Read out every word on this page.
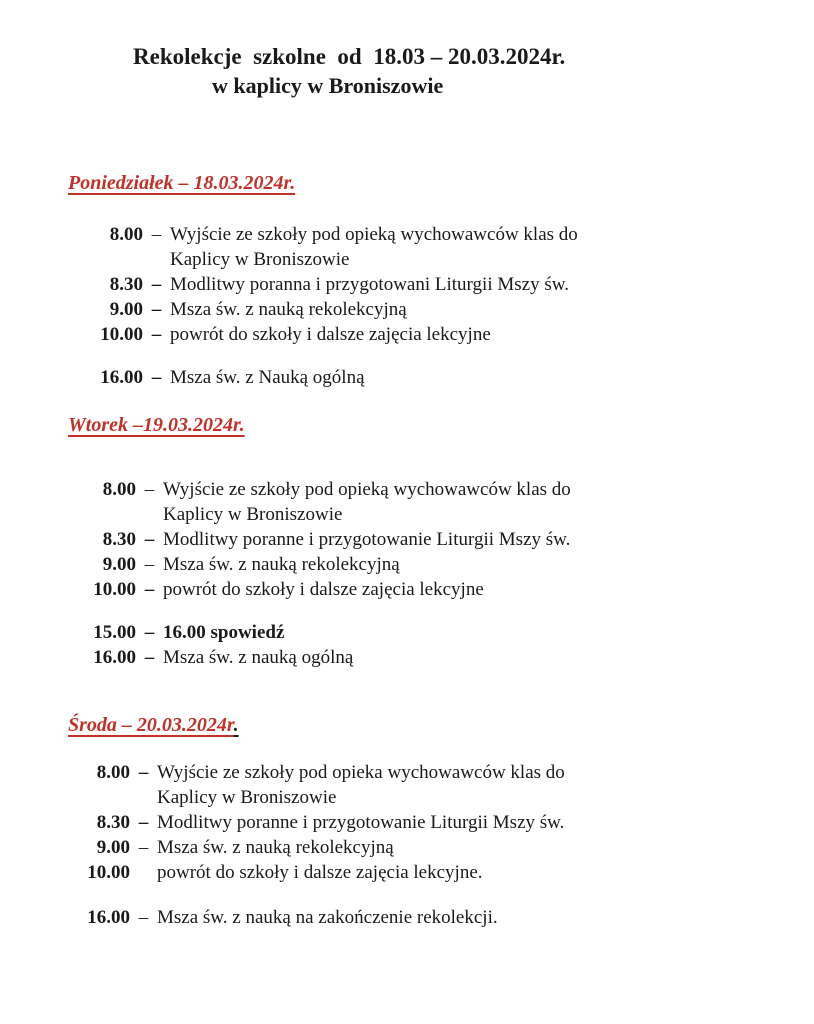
Rekolekcje  szkolne  od  18.03 – 20.03.2024r.
w kaplicy w Broniszowie
Poniedziałek – 18.03.2024r.
8.00 – Wyjście ze szkoły pod opieką wychowawców klas do
Kaplicy w Broniszowie
8.30 – Modlitwy poranna i przygotowani Liturgii Mszy św.
9.00 – Msza św. z nauką rekolekcyjną
10.00 – powrót do szkoły i dalsze zajęcia lekcyjne
16.00 – Msza św. z Nauką ogólną
Wtorek –19.03.2024r.
8.00 – Wyjście ze szkoły pod opieką wychowawców klas do
Kaplicy w Broniszowie
8.30 – Modlitwy poranne i przygotowanie Liturgii Mszy św.
9.00 – Msza św. z nauką rekolekcyjną
10.00 – powrót do szkoły i dalsze zajęcia lekcyjne
15.00 – 16.00 spowiedź
16.00 – Msza św. z nauką ogólną
Środa – 20.03.2024r.
8.00 – Wyjście ze szkoły pod opieka wychowawców klas do
Kaplicy w Broniszowie
8.30 – Modlitwy poranne i przygotowanie Liturgii Mszy św.
9.00 – Msza św. z nauką rekolekcyjną
10.00 powrót do szkoły i dalsze zajęcia lekcyjne.
16.00 – Msza św. z nauką na zakończenie rekolekcji.
